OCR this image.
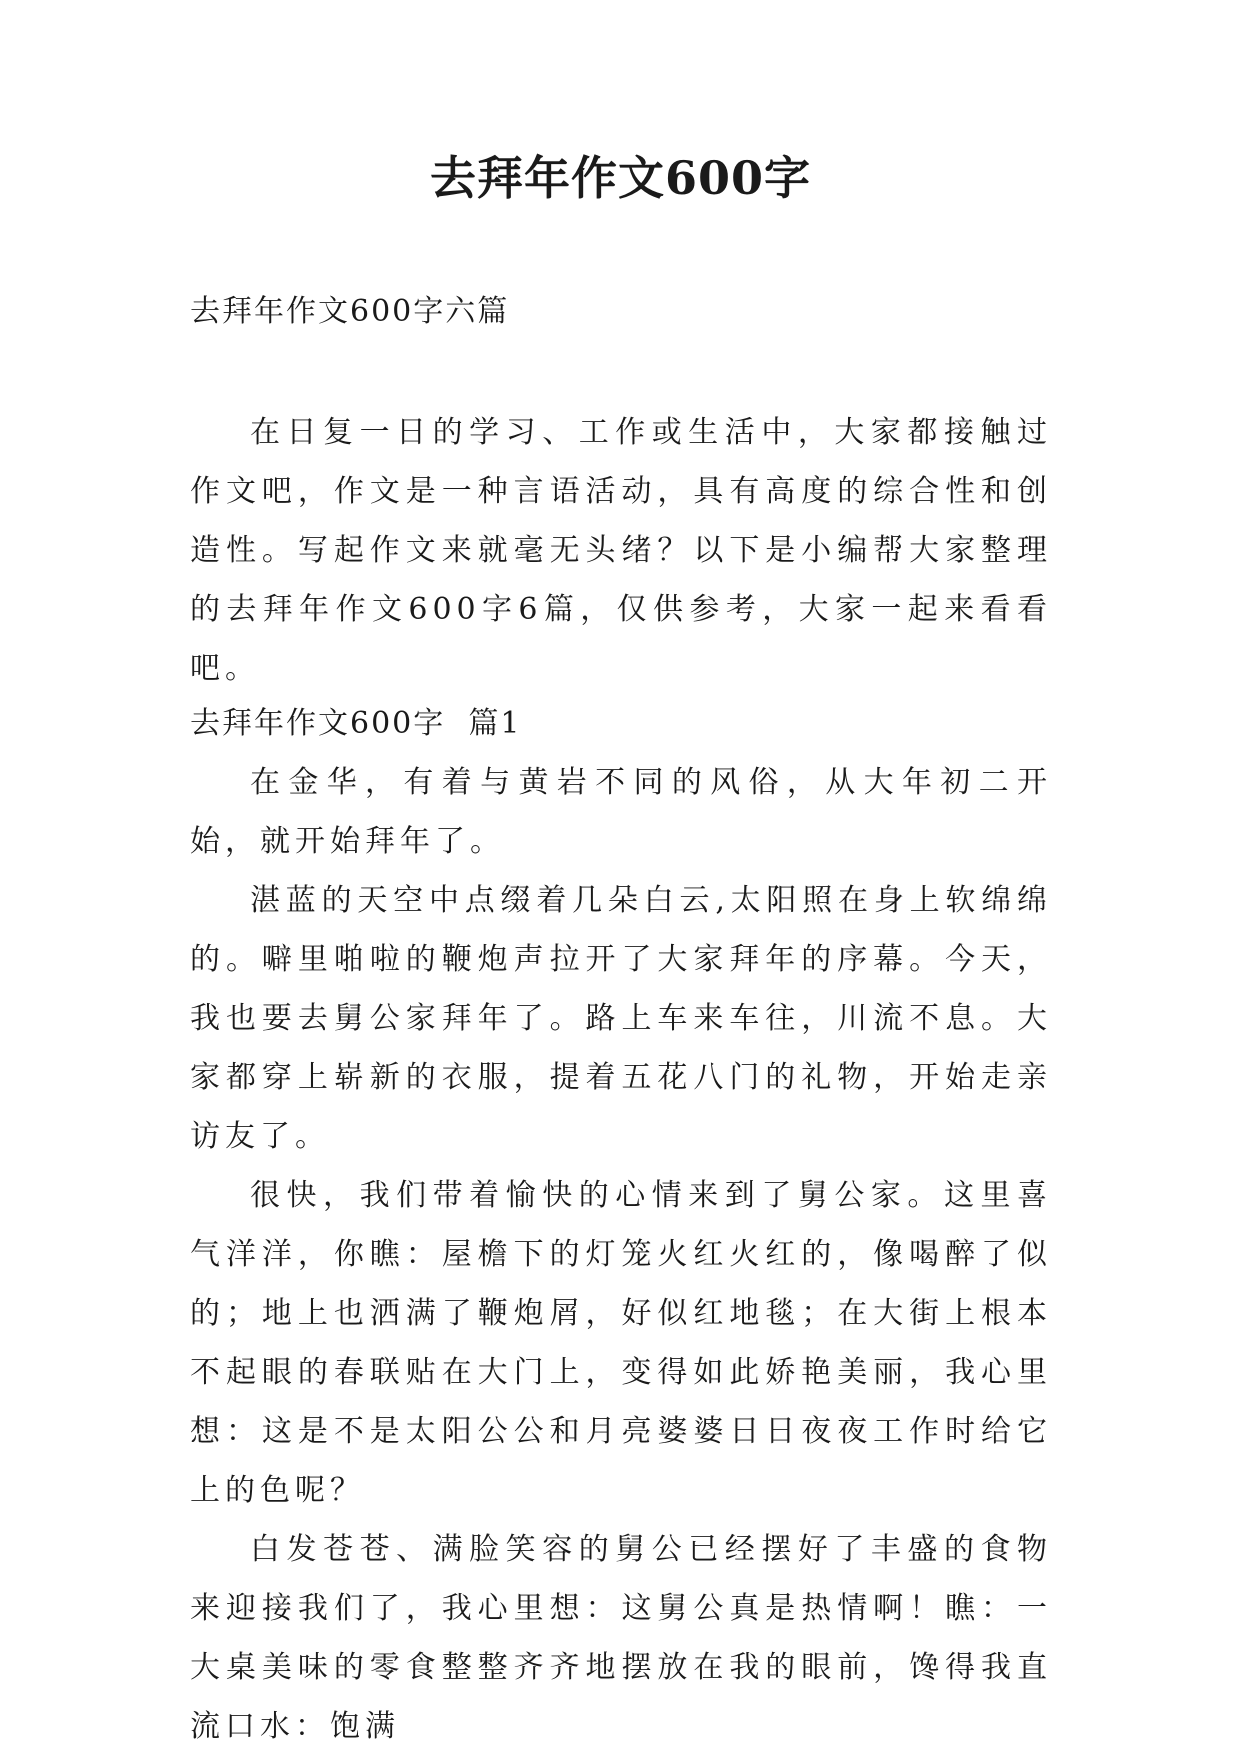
去拜年作文600字
去拜年作文600字六篇

在日复一日的学习、工作或生活中，大家都接触过作文吧，作文是一种言语活动，具有高度的综合性和创造性。写起作文来就毫无头绪？以下是小编帮大家整理的去拜年作文600字6篇，仅供参考，大家一起来看看吧。

去拜年作文600字  篇1

在金华，有着与黄岩不同的风俗，从大年初二开始，就开始拜年了。

湛蓝的天空中点缀着几朵白云,太阳照在身上软绵绵的。噼里啪啦的鞭炮声拉开了大家拜年的序幕。今天，我也要去舅公家拜年了。路上车来车往，川流不息。大家都穿上崭新的衣服，提着五花八门的礼物，开始走亲访友了。

很快，我们带着愉快的心情来到了舅公家。这里喜气洋洋，你瞧：屋檐下的灯笼火红火红的，像喝醉了似的；地上也洒满了鞭炮屑，好似红地毯；在大街上根本不起眼的春联贴在大门上，变得如此娇艳美丽，我心里想：这是不是太阳公公和月亮婆婆日日夜夜工作时给它上的色呢？

白发苍苍、满脸笑容的舅公已经摆好了丰盛的食物来迎接我们了，我心里想：这舅公真是热情啊！瞧：一大桌美味的零食整整齐齐地摆放在我的眼前，馋得我直流口水：饱满
